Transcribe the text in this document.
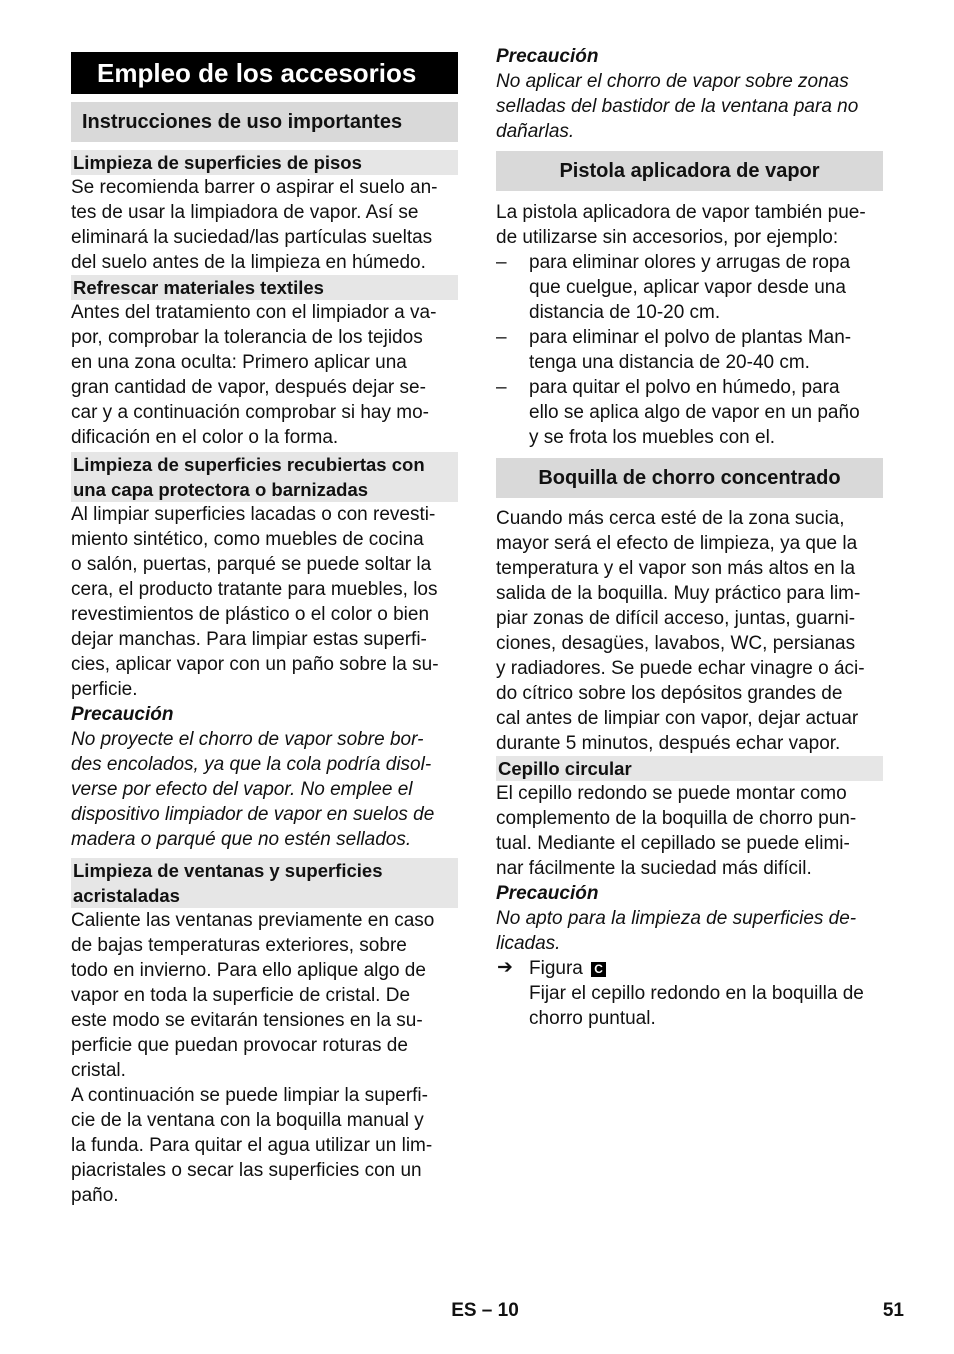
Empleo de los accesorios
Instrucciones de uso importantes
Limpieza de superficies de pisos

Se recomienda barrer o aspirar el suelo an-

tes de usar la limpiadora de vapor. Así se

eliminará la suciedad/las partículas sueltas

del suelo antes de la limpieza en húmedo.

Refrescar materiales textiles

Antes del tratamiento con el limpiador a va-

por, comprobar la tolerancia de los tejidos

en una zona oculta: Primero aplicar una

gran cantidad de vapor, después dejar se-

car y a continuación comprobar si hay mo-

dificación en el color o la forma.

Limpieza de superficies recubiertas con
una capa protectora o barnizadas

Al limpiar superficies lacadas o con revesti-

miento sintético, como muebles de cocina

o salón, puertas, parqué se puede soltar la

cera, el producto tratante para muebles, los

revestimientos de plástico o el color o bien

dejar manchas. Para limpiar estas superfi-

cies, aplicar vapor con un paño sobre la su-

perficie.

Precaución

No proyecte el chorro de vapor sobre bor-

des encolados, ya que la cola podría disol-

verse por efecto del vapor. No emplee el

dispositivo limpiador de vapor en suelos de

madera o parqué que no estén sellados.

Limpieza de ventanas y superficies
acristaladas

Caliente las ventanas previamente en caso

de bajas temperaturas exteriores, sobre

todo en invierno. Para ello aplique algo de

vapor en toda la superficie de cristal. De

este modo se evitarán tensiones en la su-

perficie que puedan provocar roturas de

cristal.

A continuación se puede limpiar la superfi-

cie de la ventana con la boquilla manual y

la funda. Para quitar el agua utilizar un lim-

piacristales o secar las superficies con un

paño.

Precaución

No aplicar el chorro de vapor sobre zonas

selladas del bastidor de la ventana para no

dañarlas.

Pistola aplicadora de vapor

La pistola aplicadora de vapor también pue-

de utilizarse sin accesorios, por ejemplo:

– para eliminar olores y arrugas de ropa
que cuelgue, aplicar vapor desde una
distancia de 10-20 cm.
– para eliminar el polvo de plantas Man-
tenga una distancia de 20-40 cm.
– para quitar el polvo en húmedo, para
ello se aplica algo de vapor en un paño
y se frota los muebles con el.
Boquilla de chorro concentrado

Cuando más cerca esté de la zona sucia,

mayor será el efecto de limpieza, ya que la

temperatura y el vapor son más altos en la

salida de la boquilla. Muy práctico para lim-

piar zonas de difícil acceso, juntas, guarni-

ciones, desagües, lavabos, WC, persianas

y radiadores. Se puede echar vinagre o áci-

do cítrico sobre los depósitos grandes de

cal antes de limpiar con vapor, dejar actuar

durante 5 minutos, después echar vapor.

Cepillo circular

El cepillo redondo se puede montar como

complemento de la boquilla de chorro pun-

tual. Mediante el cepillado se puede elimi-

nar fácilmente la suciedad más difícil.

Precaución

No apto para la limpieza de superficies de-

licadas.

➔ Figura C

Fijar el cepillo redondo en la boquilla de

chorro puntual.

ES – 10	51
